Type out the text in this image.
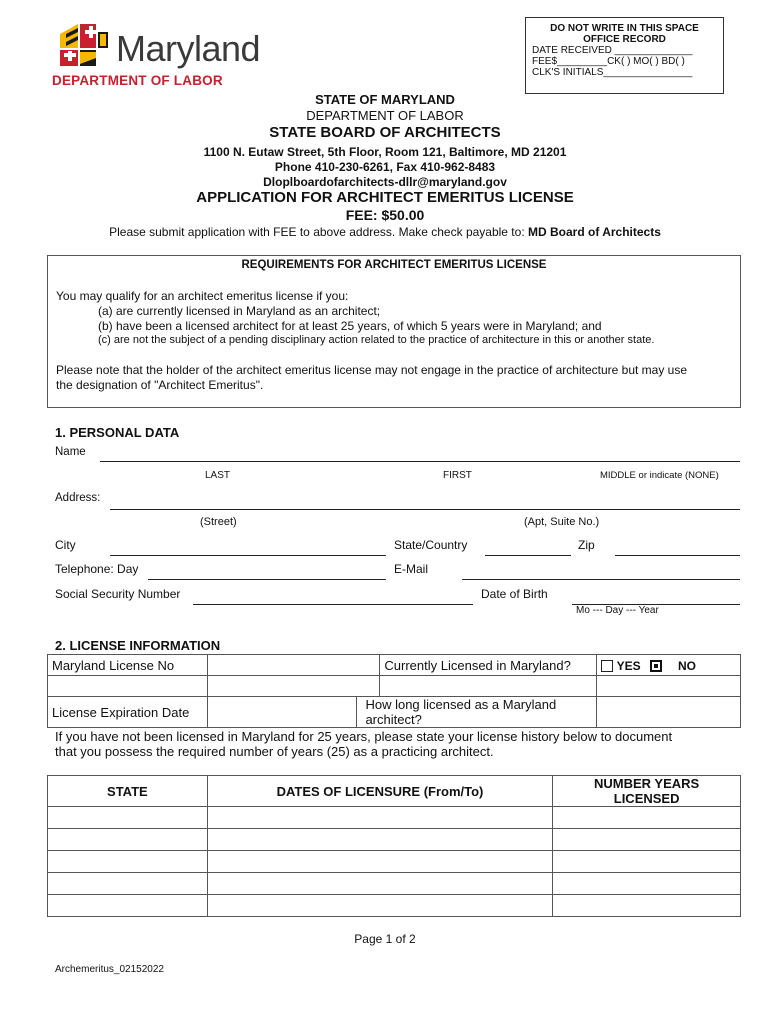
Maryland
DEPARTMENT OF LABOR
DO NOT WRITE IN THIS SPACE
OFFICE RECORD
DATE RECEIVED ______________
FEE$_________CK( ) MO( ) BD( )
CLK'S INITIALS________________
STATE OF MARYLAND
DEPARTMENT OF LABOR
STATE BOARD OF ARCHITECTS
1100 N. Eutaw Street, 5th Floor, Room 121, Baltimore, MD 21201
Phone 410-230-6261, Fax 410-962-8483
Dloplboardofarchitects-dllr@maryland.gov
APPLICATION FOR ARCHITECT EMERITUS LICENSE
FEE: $50.00
Please submit application with FEE to above address. Make check payable to: MD Board of Architects
REQUIREMENTS FOR ARCHITECT EMERITUS LICENSE
You may qualify for an architect emeritus license if you:
(a) are currently licensed in Maryland as an architect;
(b) have been a licensed architect for at least 25 years, of which 5 years were in Maryland; and
(c) are not the subject of a pending disciplinary action related to the practice of architecture in this or another state.
Please note that the holder of the architect emeritus license may not engage in the practice of architecture but may use
the designation of "Architect Emeritus".
1. PERSONAL DATA
Name
LAST	FIRST	MIDDLE or indicate (NONE)
Address:
(Street)	(Apt, Suite No.)
City	State/Country	Zip
Telephone: Day	E-Mail
Social Security Number	Date of Birth
Mo --- Day --- Year
2. LICENSE INFORMATION
Maryland License No			Currently Licensed in Maryland?	YES NO

License Expiration Date		How long licensed as a Maryland architect?		
If you have not been licensed in Maryland for 25 years, please state your license history below to document
that you possess the required number of years (25) as a practicing architect.
STATE	DATES OF LICENSURE (From/To)	NUMBER YEARS
LICENSED

Page 1 of 2
Archemeritus_02152022
